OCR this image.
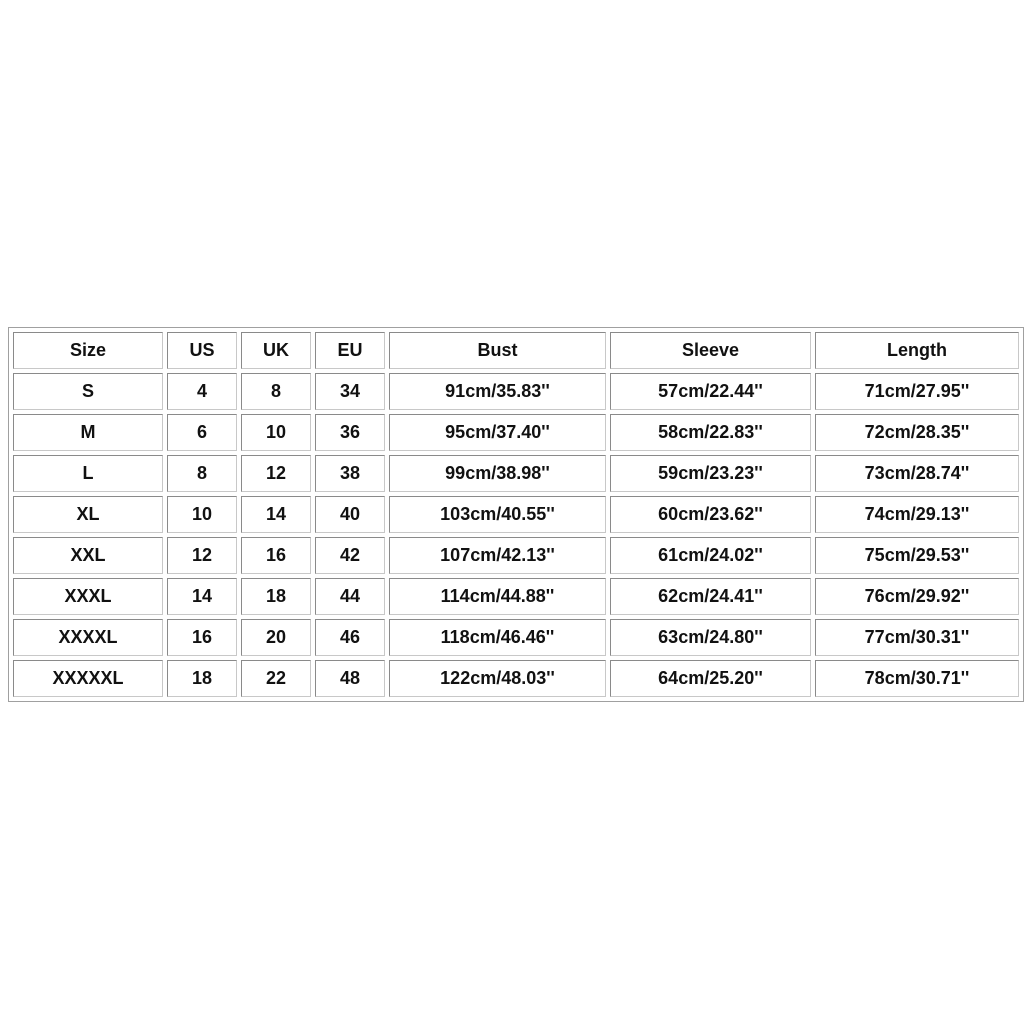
Size	US	UK	EU	Bust	Sleeve	Length
S	4	8	34	91cm/35.83''	57cm/22.44''	71cm/27.95''
M	6	10	36	95cm/37.40''	58cm/22.83''	72cm/28.35''
L	8	12	38	99cm/38.98''	59cm/23.23''	73cm/28.74''
XL	10	14	40	103cm/40.55''	60cm/23.62''	74cm/29.13''
XXL	12	16	42	107cm/42.13''	61cm/24.02''	75cm/29.53''
XXXL	14	18	44	114cm/44.88''	62cm/24.41''	76cm/29.92''
XXXXL	16	20	46	118cm/46.46''	63cm/24.80''	77cm/30.31''
XXXXXL	18	22	48	122cm/48.03''	64cm/25.20''	78cm/30.71''
